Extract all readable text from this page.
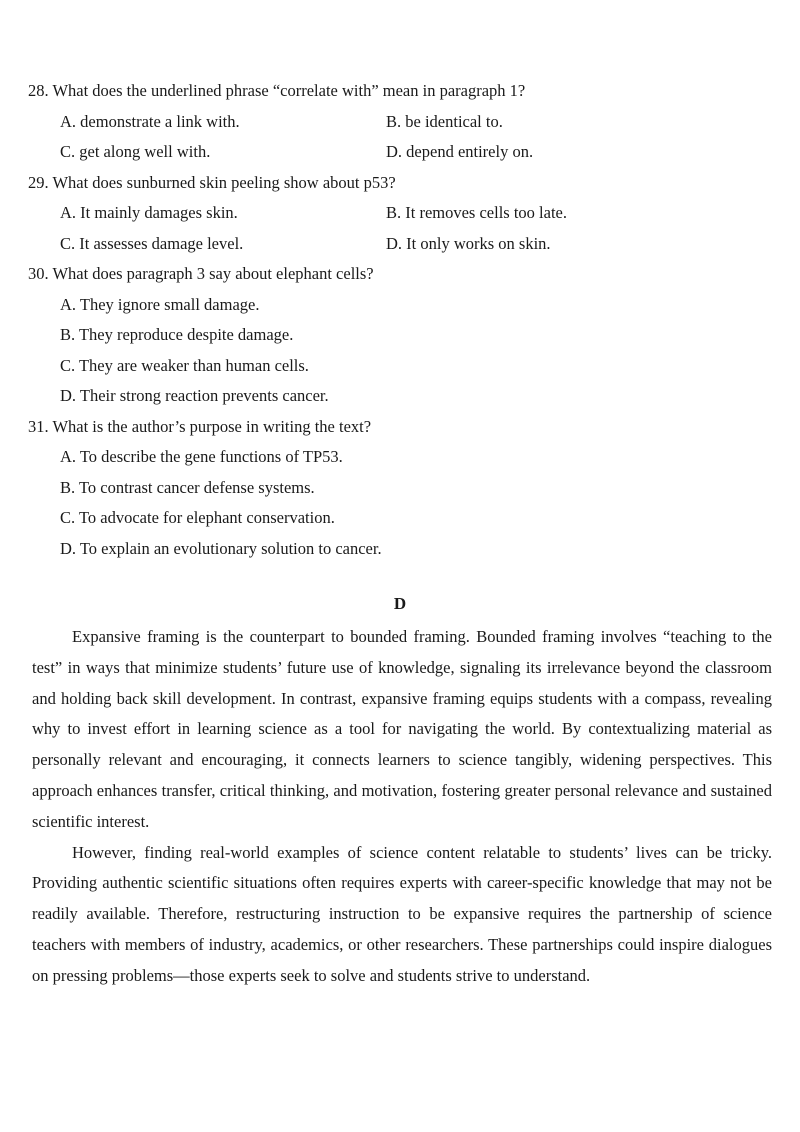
28. What does the underlined phrase “correlate with” mean in paragraph 1?
A. demonstrate a link with.	B. be identical to.
C. get along well with.	D. depend entirely on.
29. What does sunburned skin peeling show about p53?
A. It mainly damages skin.	B. It removes cells too late.
C. It assesses damage level.	D. It only works on skin.
30. What does paragraph 3 say about elephant cells?
A. They ignore small damage.
B. They reproduce despite damage.
C. They are weaker than human cells.
D. Their strong reaction prevents cancer.
31. What is the author’s purpose in writing the text?
A. To describe the gene functions of TP53.
B. To contrast cancer defense systems.
C. To advocate for elephant conservation.
D. To explain an evolutionary solution to cancer.
D

Expansive framing is the counterpart to bounded framing. Bounded framing involves “teaching to the test” in ways that minimize students’ future use of knowledge, signaling its irrelevance beyond the classroom and holding back skill development. In contrast, expansive framing equips students with a compass, revealing why to invest effort in learning science as a tool for navigating the world. By contextualizing material as personally relevant and encouraging, it connects learners to science tangibly, widening perspectives. This approach enhances transfer, critical thinking, and motivation, fostering greater personal relevance and sustained scientific interest.

However, finding real-world examples of science content relatable to students’ lives can be tricky. Providing authentic scientific situations often requires experts with career-specific knowledge that may not be readily available. Therefore, restructuring instruction to be expansive requires the partnership of science teachers with members of industry, academics, or other researchers. These partnerships could inspire dialogues on pressing problems—those experts seek to solve and students strive to understand.
